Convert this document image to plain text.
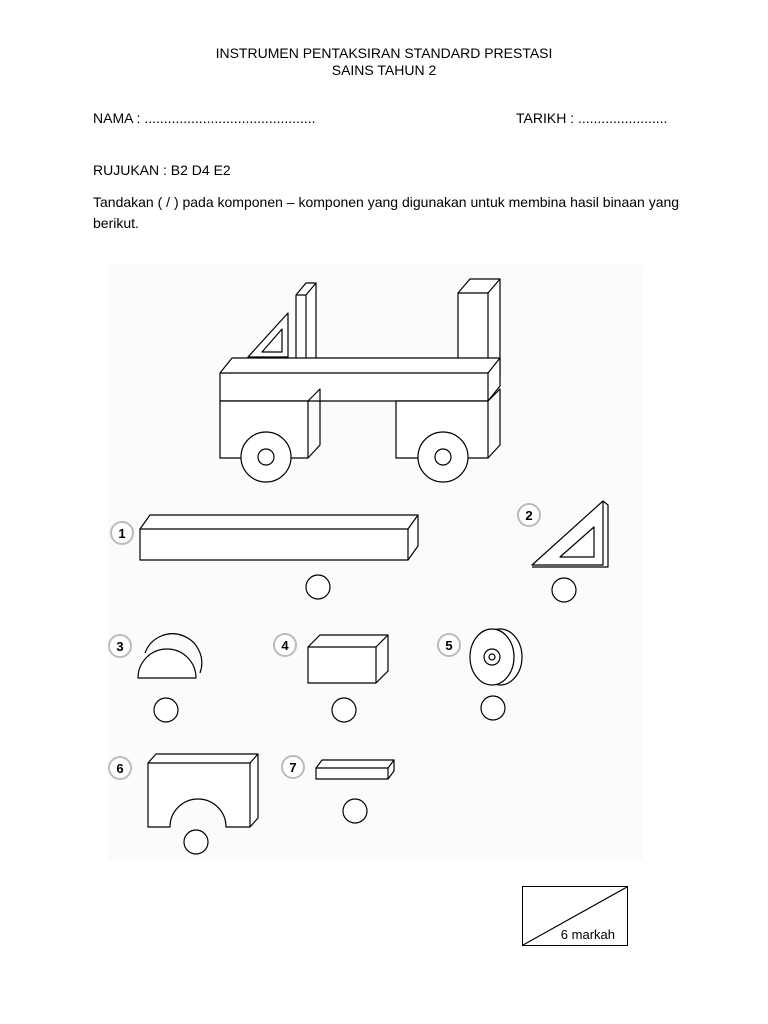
INSTRUMEN PENTAKSIRAN STANDARD PRESTASI
SAINS TAHUN 2
NAMA : ............................................	TARIKH : .......................
RUJUKAN : B2 D4 E2
Tandakan ( / ) pada komponen – komponen yang digunakan untuk membina hasil binaan yang berikut.
1
2
3	4	5
6	7
6 markah
